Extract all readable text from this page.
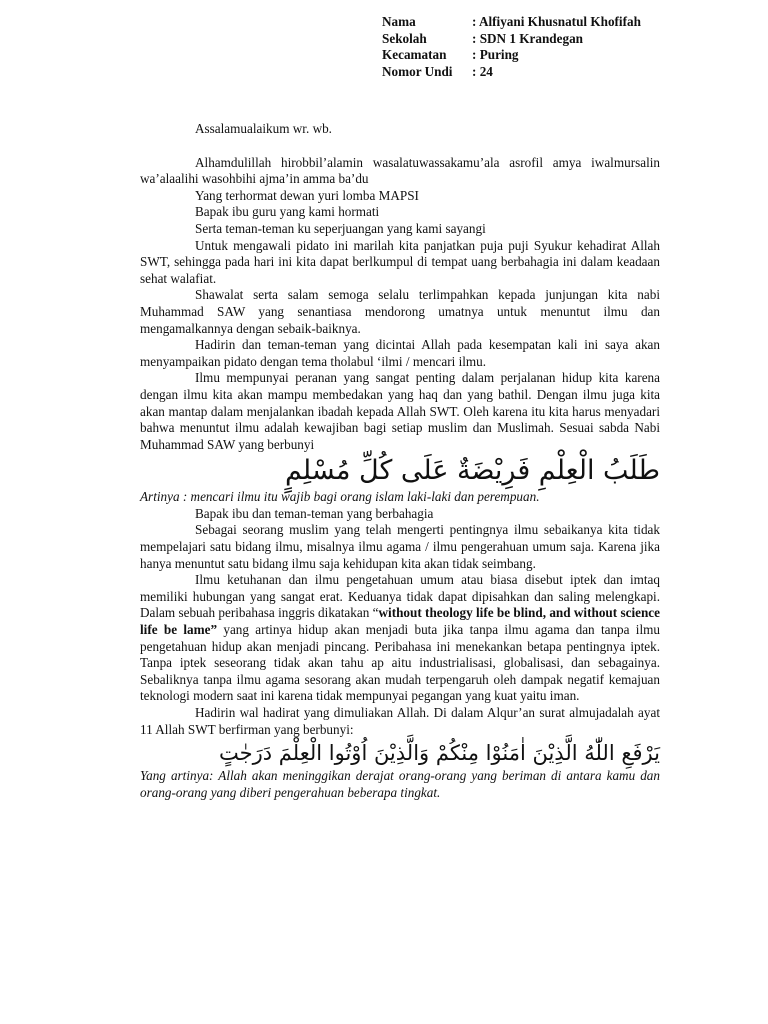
Nama	: Alfiyani Khusnatul Khofifah
Sekolah	: SDN 1 Krandegan
Kecamatan	: Puring
Nomor Undi	: 24

Assalamualaikum wr. wb.

Alhamdulillah hirobbil’alamin wasalatuwassakamu’ala asrofil amya iwalmursalin wa’alaalihi wasohbihi ajma’in amma ba’du

Yang terhormat dewan yuri lomba MAPSI

Bapak ibu guru yang kami hormati

Serta teman-teman ku seperjuangan yang kami sayangi

Untuk mengawali pidato ini marilah kita panjatkan puja puji Syukur kehadirat Allah SWT, sehingga pada hari ini kita dapat berlkumpul di tempat uang berbahagia ini dalam keadaan sehat walafiat.

Shawalat serta salam semoga selalu terlimpahkan kepada junjungan kita nabi Muhammad SAW yang senantiasa mendorong umatnya untuk menuntut ilmu dan mengamalkannya dengan sebaik-baiknya.

Hadirin dan teman-teman yang dicintai Allah pada kesempatan kali ini saya akan menyampaikan pidato dengan tema tholabul ‘ilmi / mencari ilmu.

Ilmu mempunyai peranan yang sangat penting dalam perjalanan hidup kita karena dengan ilmu kita akan mampu membedakan yang haq dan yang bathil. Dengan ilmu juga kita akan mantap dalam menjalankan ibadah kepada Allah SWT. Oleh karena itu kita harus menyadari bahwa menuntut ilmu adalah kewajiban bagi setiap muslim dan Muslimah. Sesuai sabda Nabi Muhammad SAW yang berbunyi

طَلَبُ الْعِلْمِ فَرِيْضَةٌ عَلَى كُلِّ مُسْلِمٍ

Artinya : mencari ilmu itu wajib bagi orang islam laki-laki dan perempuan.

Bapak ibu dan teman-teman yang berbahagia

Sebagai seorang muslim yang telah mengerti pentingnya ilmu sebaikanya kita tidak mempelajari satu bidang ilmu, misalnya ilmu agama / ilmu pengerahuan umum saja. Karena jika hanya menuntut satu bidang ilmu saja kehidupan kita akan tidak seimbang.

Ilmu ketuhanan dan ilmu pengetahuan umum atau biasa disebut iptek dan imtaq memiliki hubungan yang sangat erat. Keduanya tidak dapat dipisahkan dan saling melengkapi. Dalam sebuah peribahasa inggris dikatakan “without theology life be blind, and without science life be lame” yang artinya hidup akan menjadi buta jika tanpa ilmu agama dan tanpa ilmu pengetahuan hidup akan menjadi pincang. Peribahasa ini menekankan betapa pentingnya iptek. Tanpa iptek seseorang tidak akan tahu ap aitu industrialisasi, globalisasi, dan sebagainya. Sebaliknya tanpa ilmu agama sesorang akan mudah terpengaruh oleh dampak negatif kemajuan teknologi modern saat ini karena tidak mempunyai pegangan yang kuat yaitu iman.

Hadirin wal hadirat yang dimuliakan Allah. Di dalam Alqur’an surat almujadalah ayat 11 Allah SWT berfirman yang berbunyi:

يَرْفَعِ اللّٰهُ الَّذِيْنَ اٰمَنُوْا مِنْكُمْ وَالَّذِيْنَ اُوْتُوا الْعِلْمَ دَرَجٰتٍ

Yang artinya: Allah akan meninggikan derajat orang-orang yang beriman di antara kamu dan orang-orang yang diberi pengerahuan beberapa tingkat.
